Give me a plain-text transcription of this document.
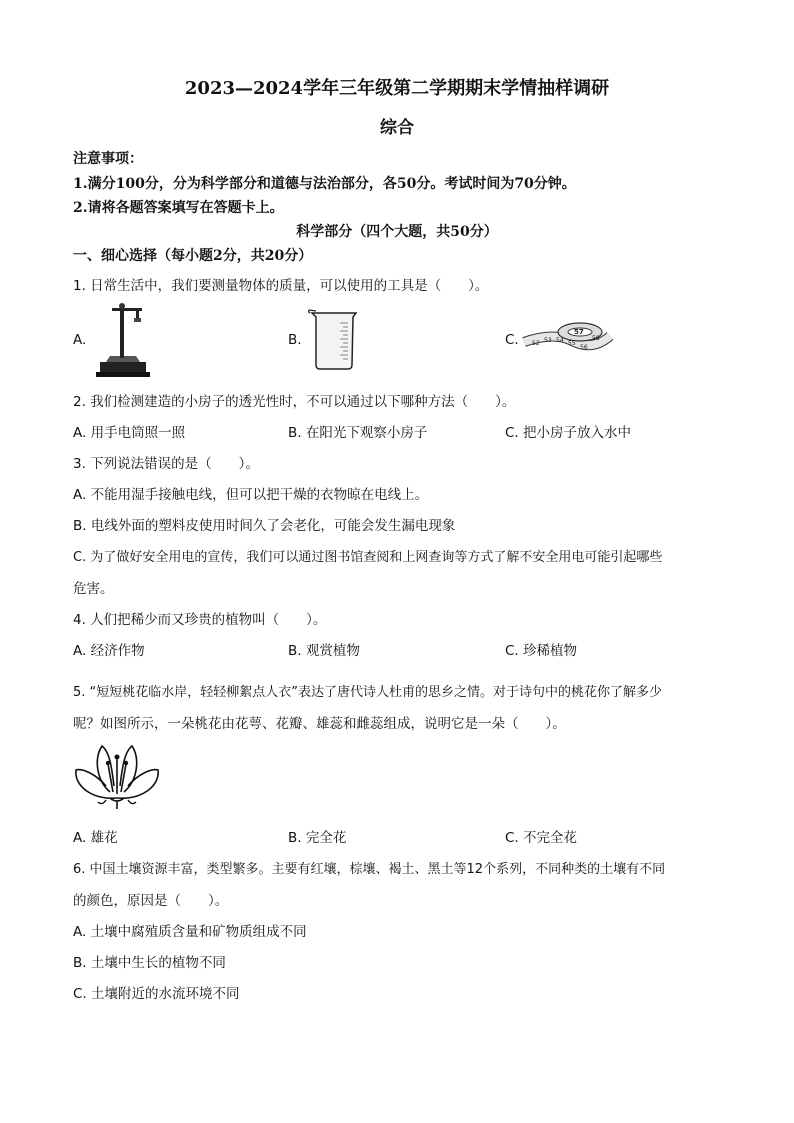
2023—2024学年三年级第二学期期末学情抽样调研
综合
注意事项：
1.满分100分，分为科学部分和道德与法治部分，各50分。考试时间为70分钟。
2.请将各题答案填写在答题卡上。
科学部分（四个大题，共50分）
一、细心选择（每小题2分，共20分）
1. 日常生活中，我们要测量物体的质量，可以使用的工具是（　　）。
A.	B.	C. 52 53 54 55
56
57
58
2. 我们检测建造的小房子的透光性时，不可以通过以下哪种方法（　　）。
A. 用手电筒照一照	B. 在阳光下观察小房子	C. 把小房子放入水中
3. 下列说法错误的是（　　）。
A. 不能用湿手接触电线，但可以把干燥的衣物晾在电线上。
B. 电线外面的塑料皮使用时间久了会老化，可能会发生漏电现象
C. 为了做好安全用电的宣传，我们可以通过图书馆查阅和上网查询等方式了解不安全用电可能引起哪些
危害。
4. 人们把稀少而又珍贵的植物叫（　　）。
A. 经济作物	B. 观赏植物	C. 珍稀植物
5. “短短桃花临水岸，轻轻柳絮点人衣”表达了唐代诗人杜甫的思乡之情。对于诗句中的桃花你了解多少
呢？如图所示，一朵桃花由花萼、花瓣、雄蕊和雌蕊组成，说明它是一朵（　　）。
A. 雄花	B. 完全花	C. 不完全花
6. 中国土壤资源丰富，类型繁多。主要有红壤，棕壤、褐土、黑土等12个系列，不同种类的土壤有不同
的颜色，原因是（　　）。
A. 土壤中腐殖质含量和矿物质组成不同
B. 土壤中生长的植物不同
C. 土壤附近的水流环境不同
